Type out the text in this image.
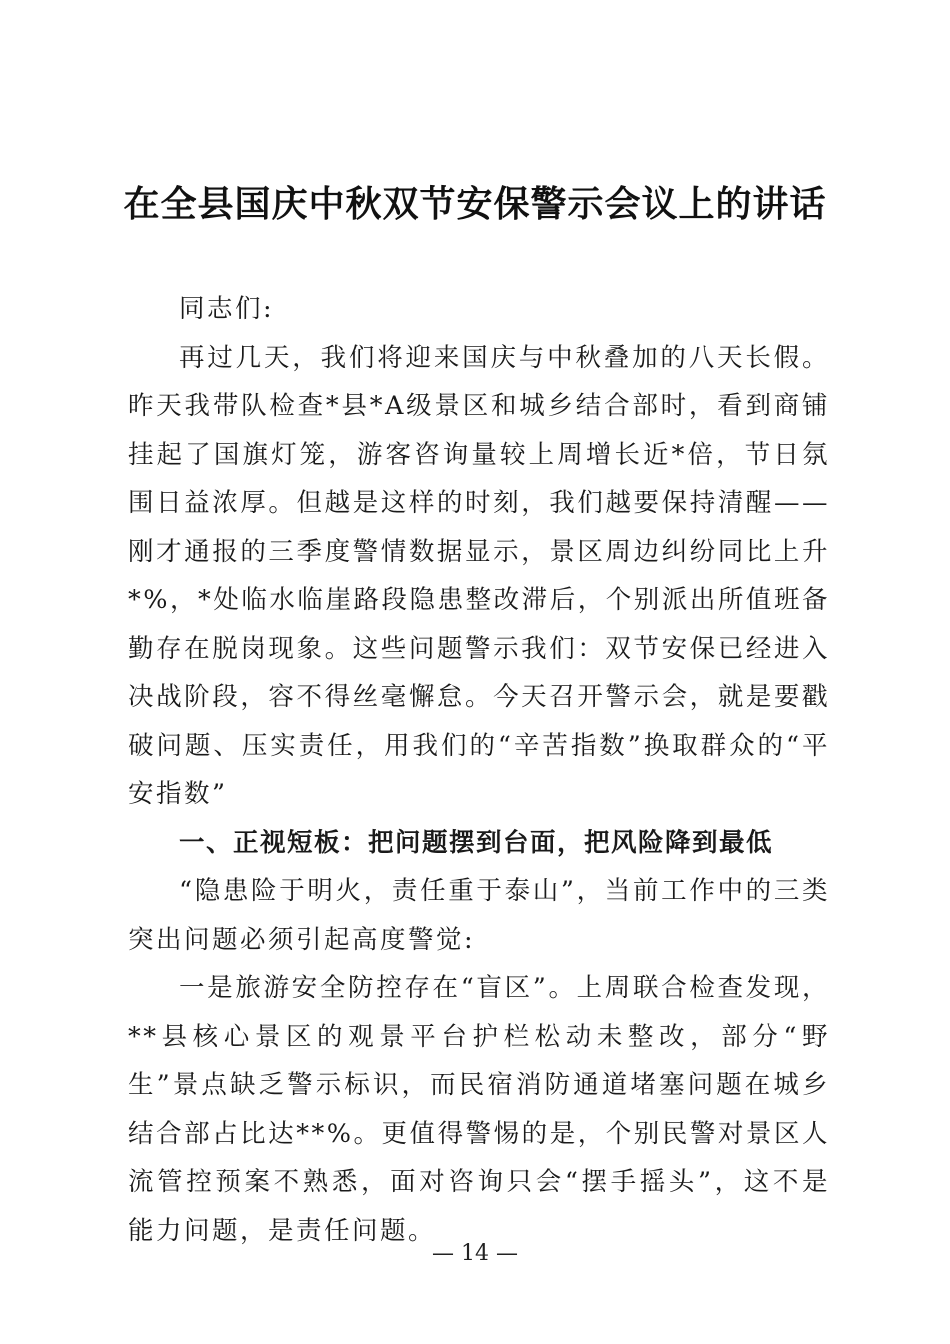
在全县国庆中秋双节安保警示会议上的讲话

同志们:

再过几天，我们将迎来国庆与中秋叠加的八天长假。昨天我带队检查*县*A级景区和城乡结合部时，看到商铺挂起了国旗灯笼，游客咨询量较上周增长近*倍，节日氛围日益浓厚。但越是这样的时刻，我们越要保持清醒——刚才通报的三季度警情数据显示，景区周边纠纷同比上升*%，*处临水临崖路段隐患整改滞后，个别派出所值班备勤存在脱岗现象。这些问题警示我们：双节安保已经进入决战阶段，容不得丝毫懈怠。今天召开警示会，就是要戳破问题、压实责任，用我们的“辛苦指数”换取群众的“平安指数”

一、正视短板：把问题摆到台面，把风险降到最低

“隐患险于明火，责任重于泰山”，当前工作中的三类突出问题必须引起高度警觉:

一是旅游安全防控存在“盲区”。上周联合检查发现，**县核心景区的观景平台护栏松动未整改，部分“野生”景点缺乏警示标识，而民宿消防通道堵塞问题在城乡结合部占比达**%。更值得警惕的是，个别民警对景区人流管控预案不熟悉，面对咨询只会“摆手摇头”，这不是能力问题，是责任问题。

— 14 —
